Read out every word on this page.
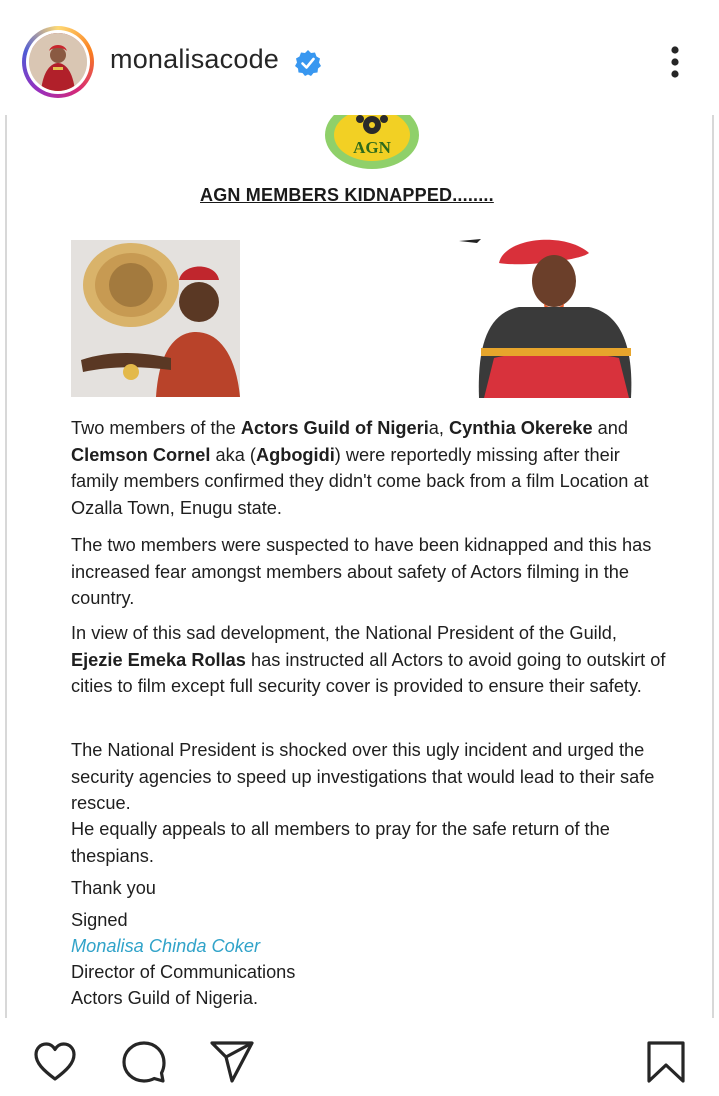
monalisacode
AGN
AGN MEMBERS KIDNAPPED........
Two members of the Actors Guild of Nigeria, Cynthia Okereke and Clemson Cornel aka (Agbogidi) were reportedly missing after their family members confirmed they didn't come back from a film Location at Ozalla Town, Enugu state.
The two members were suspected to have been kidnapped and this has increased fear amongst members about safety of Actors filming in the country.
In view of this sad development, the National President of the Guild, Ejezie Emeka Rollas has instructed all Actors to avoid going to outskirt of cities to film except full security cover is provided to ensure their safety.
The National President is shocked over this ugly incident and urged the security agencies to speed up investigations that would lead to their safe rescue.
He equally appeals to all members to pray for the safe return of the thespians.
Thank you
Signed
Monalisa Chinda Coker
Director of Communications
Actors Guild of Nigeria.
